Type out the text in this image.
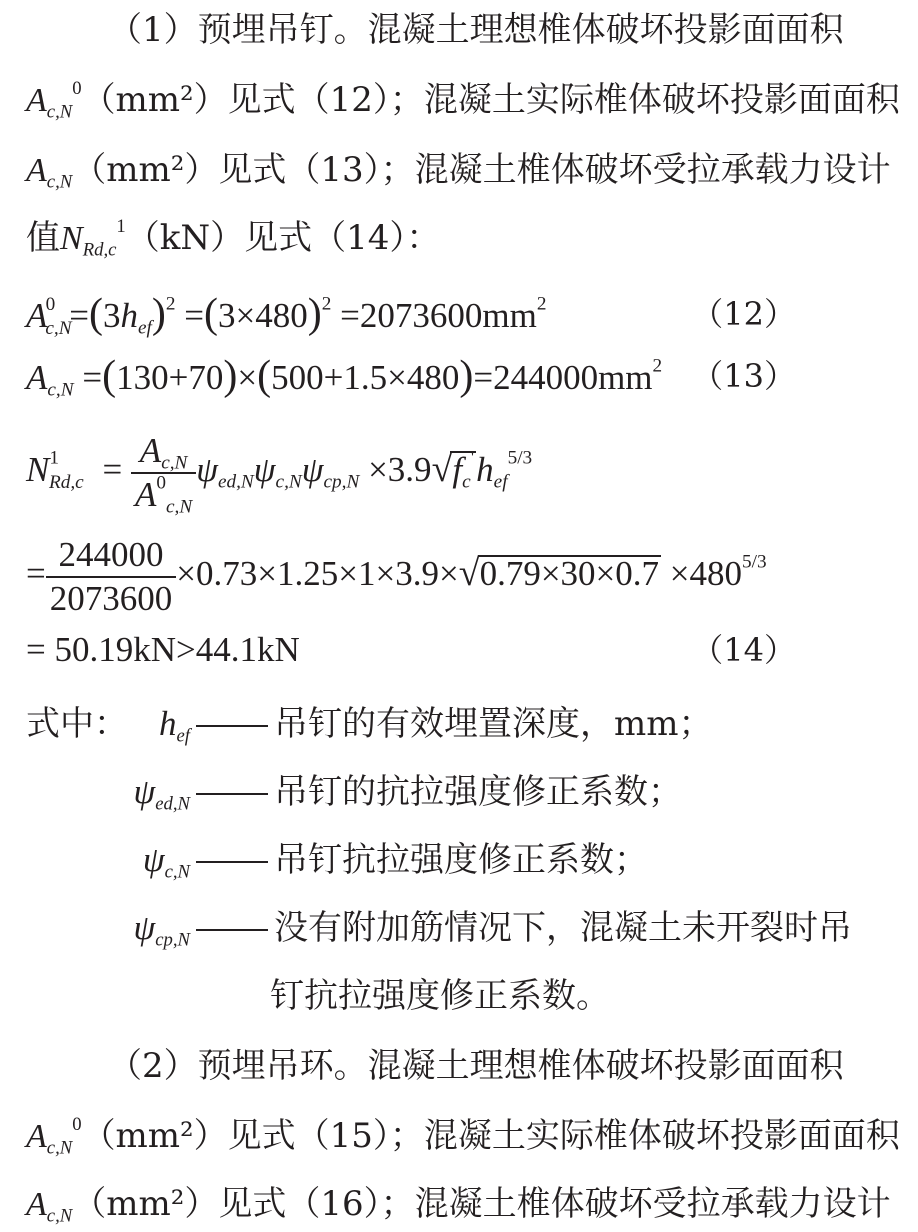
（1）预埋吊钉。混凝土理想椎体破坏投影面面积
$A_{c,N}^0(mm^2)$见式（12）；混凝土实际椎体破坏投影面面积
$A_{c,N}(mm^2)$见式（13）；混凝土椎体破坏受拉承载力设计
值$N_{Rd,c}^1(kN)$见式（14）：
$A_{c,N}^0 =(3h_{ef})^2 =(3\times 480)^2 =2073600mm^2$	（12）
$A_{c,N} =(130+70)\times(500+1.5\times 480)=244000mm^2$ （13）
$N^1_{Rd,c} = \frac{A_{c,N}}{A^0_{c,N}} \psi_{ed,N}\psi_{c,N}\psi_{cp,N} \times 3.9√f_c'h_{ef}^{5/3}$
= $\frac{244000}{2073600} \times 0.73\times 1.25\times 1\times 3.9\times√0.79\times 30\times 0.7 \times 480^{5/3}$
= 50.19kN>44.1kN	（14）
式中： $h_{ef}$	吊钉的有效埋置深度，mm；
$\psi_{ed,N}$	吊钉的抗拉强度修正系数；
$\psi_{c,N}$	吊钉抗拉强度修正系数；
$\psi_{cp,N}$	没有附加筋情况下，混凝土未开裂时吊
钉抗拉强度修正系数。
（2）预埋吊环。混凝土理想椎体破坏投影面面积
$A_{c,N}^0(mm^2)$见式（15）；混凝土实际椎体破坏投影面面积
$A_{c,N}(mm^2)$见式（16）；混凝土椎体破坏受拉承载力设计
